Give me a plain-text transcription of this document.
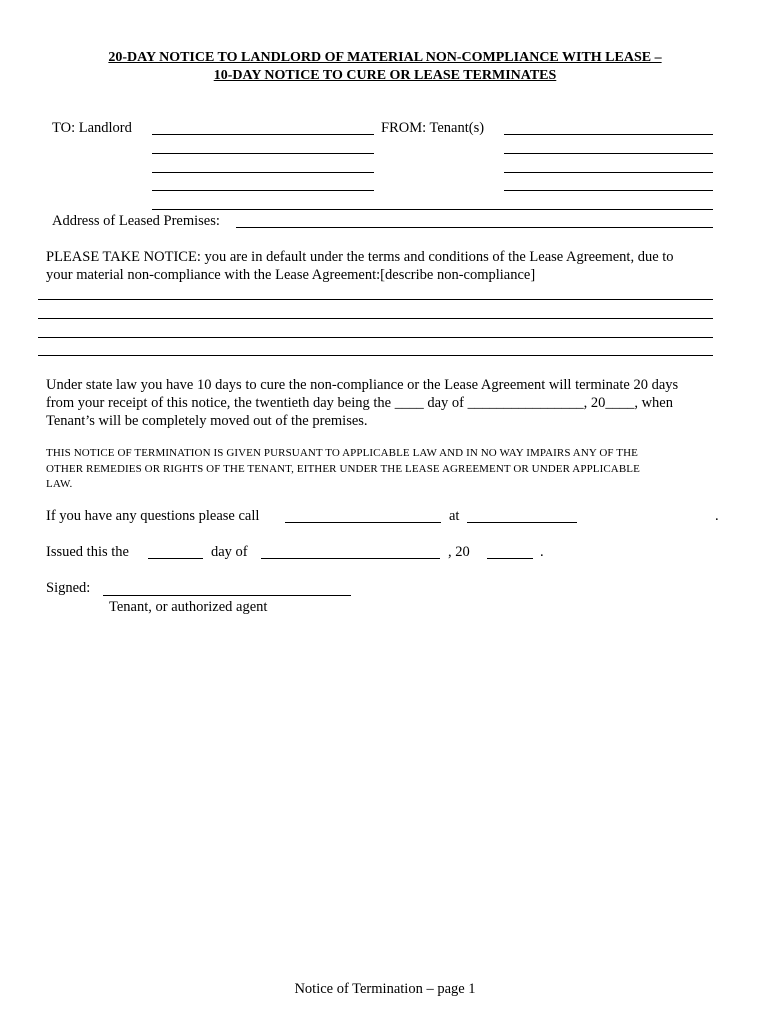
20-DAY NOTICE TO LANDLORD OF MATERIAL NON-COMPLIANCE WITH LEASE –
10-DAY NOTICE TO CURE OR LEASE TERMINATES
TO: Landlord	FROM: Tenant(s)
Address of Leased Premises:
PLEASE TAKE NOTICE: you are in default under the terms and conditions of the Lease Agreement, due to
your material non-compliance with the Lease Agreement:[describe non-compliance]
Under state law you have 10 days to cure the non-compliance or the Lease Agreement will terminate 20 days
from your receipt of this notice, the twentieth day being the ____ day of ________________, 20____, when
Tenant’s will be completely moved out of the premises.
THIS NOTICE OF TERMINATION IS GIVEN PURSUANT TO APPLICABLE LAW AND IN NO WAY IMPAIRS ANY OF THE
OTHER REMEDIES OR RIGHTS OF THE TENANT, EITHER UNDER THE LEASE AGREEMENT OR UNDER APPLICABLE
LAW.
If you have any questions please call	at	.
Issued this the	day of	, 20	.
Signed:
Tenant, or authorized agent
Notice of Termination – page 1
